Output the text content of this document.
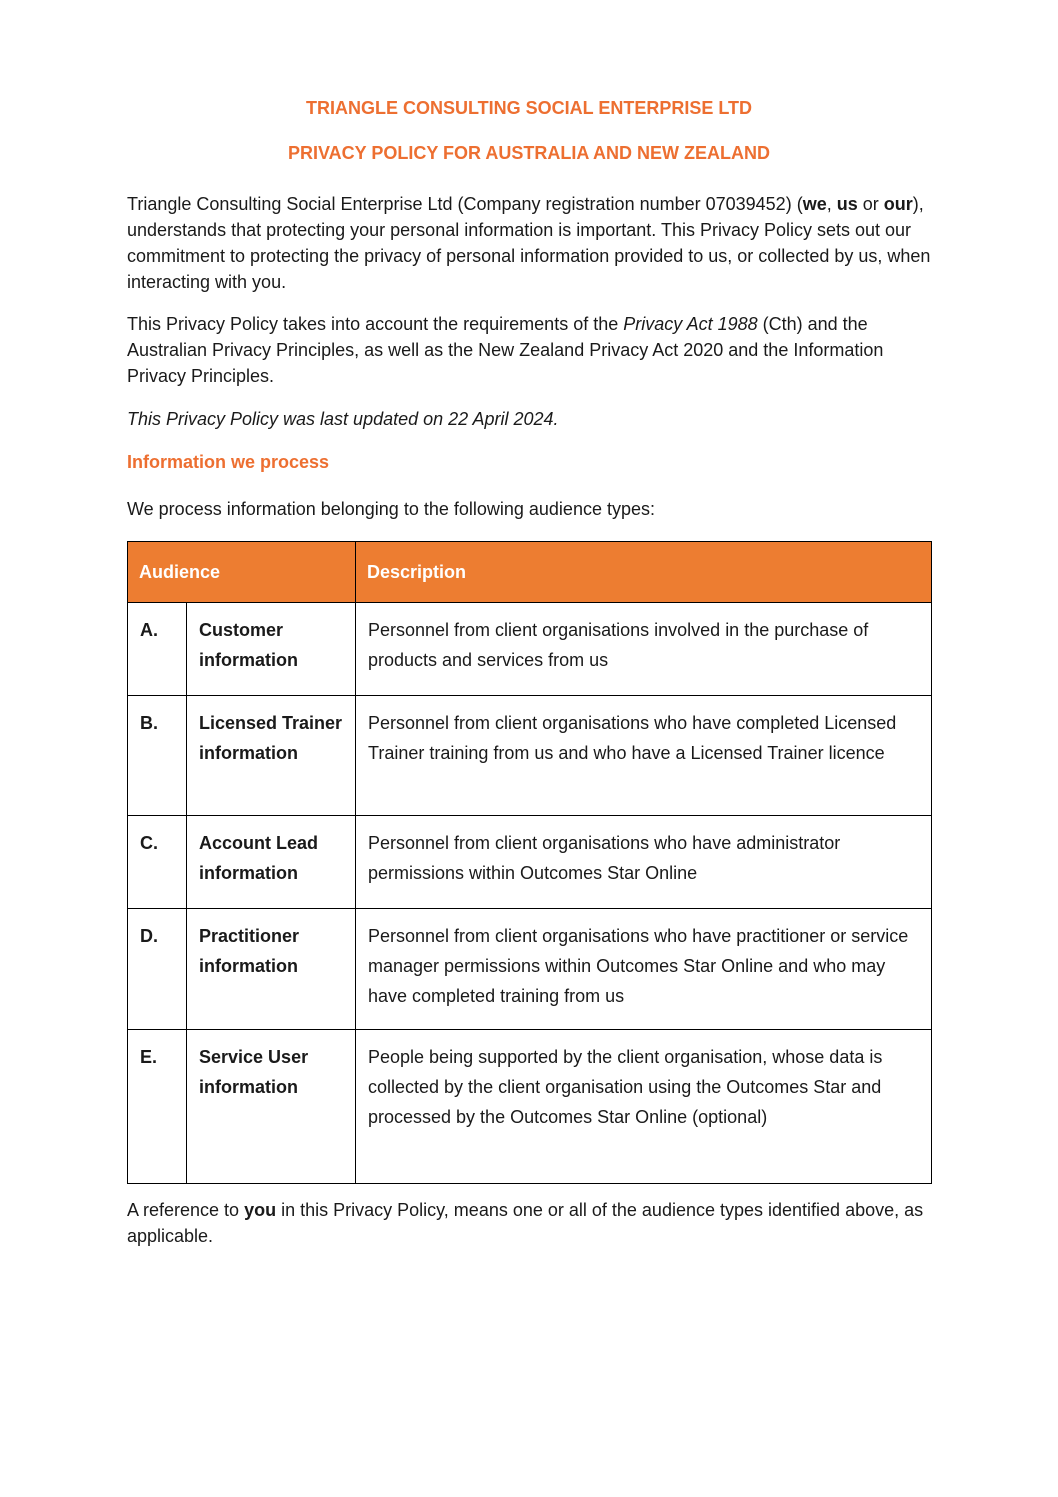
TRIANGLE CONSULTING SOCIAL ENTERPRISE LTD
PRIVACY POLICY FOR AUSTRALIA AND NEW ZEALAND

Triangle Consulting Social Enterprise Ltd (Company registration number 07039452) (we, us or our), understands that protecting your personal information is important. This Privacy Policy sets out our commitment to protecting the privacy of personal information provided to us, or collected by us, when interacting with you.

This Privacy Policy takes into account the requirements of the Privacy Act 1988 (Cth) and the Australian Privacy Principles, as well as the New Zealand Privacy Act 2020 and the Information Privacy Principles.

This Privacy Policy was last updated on 22 April 2024.

Information we process

We process information belonging to the following audience types:

Audience		Description
A.	Customer information	Personnel from client organisations involved in the purchase of products and services from us
B.	Licensed Trainer information	Personnel from client organisations who have completed Licensed Trainer training from us and who have a Licensed Trainer licence
C.	Account Lead information	Personnel from client organisations who have administrator permissions within Outcomes Star Online
D.	Practitioner information	Personnel from client organisations who have practitioner or service manager permissions within Outcomes Star Online and who may have completed training from us
E.	Service User information	People being supported by the client organisation, whose data is collected by the client organisation using the Outcomes Star and processed by the Outcomes Star Online (optional)

A reference to you in this Privacy Policy, means one or all of the audience types identified above, as applicable.
